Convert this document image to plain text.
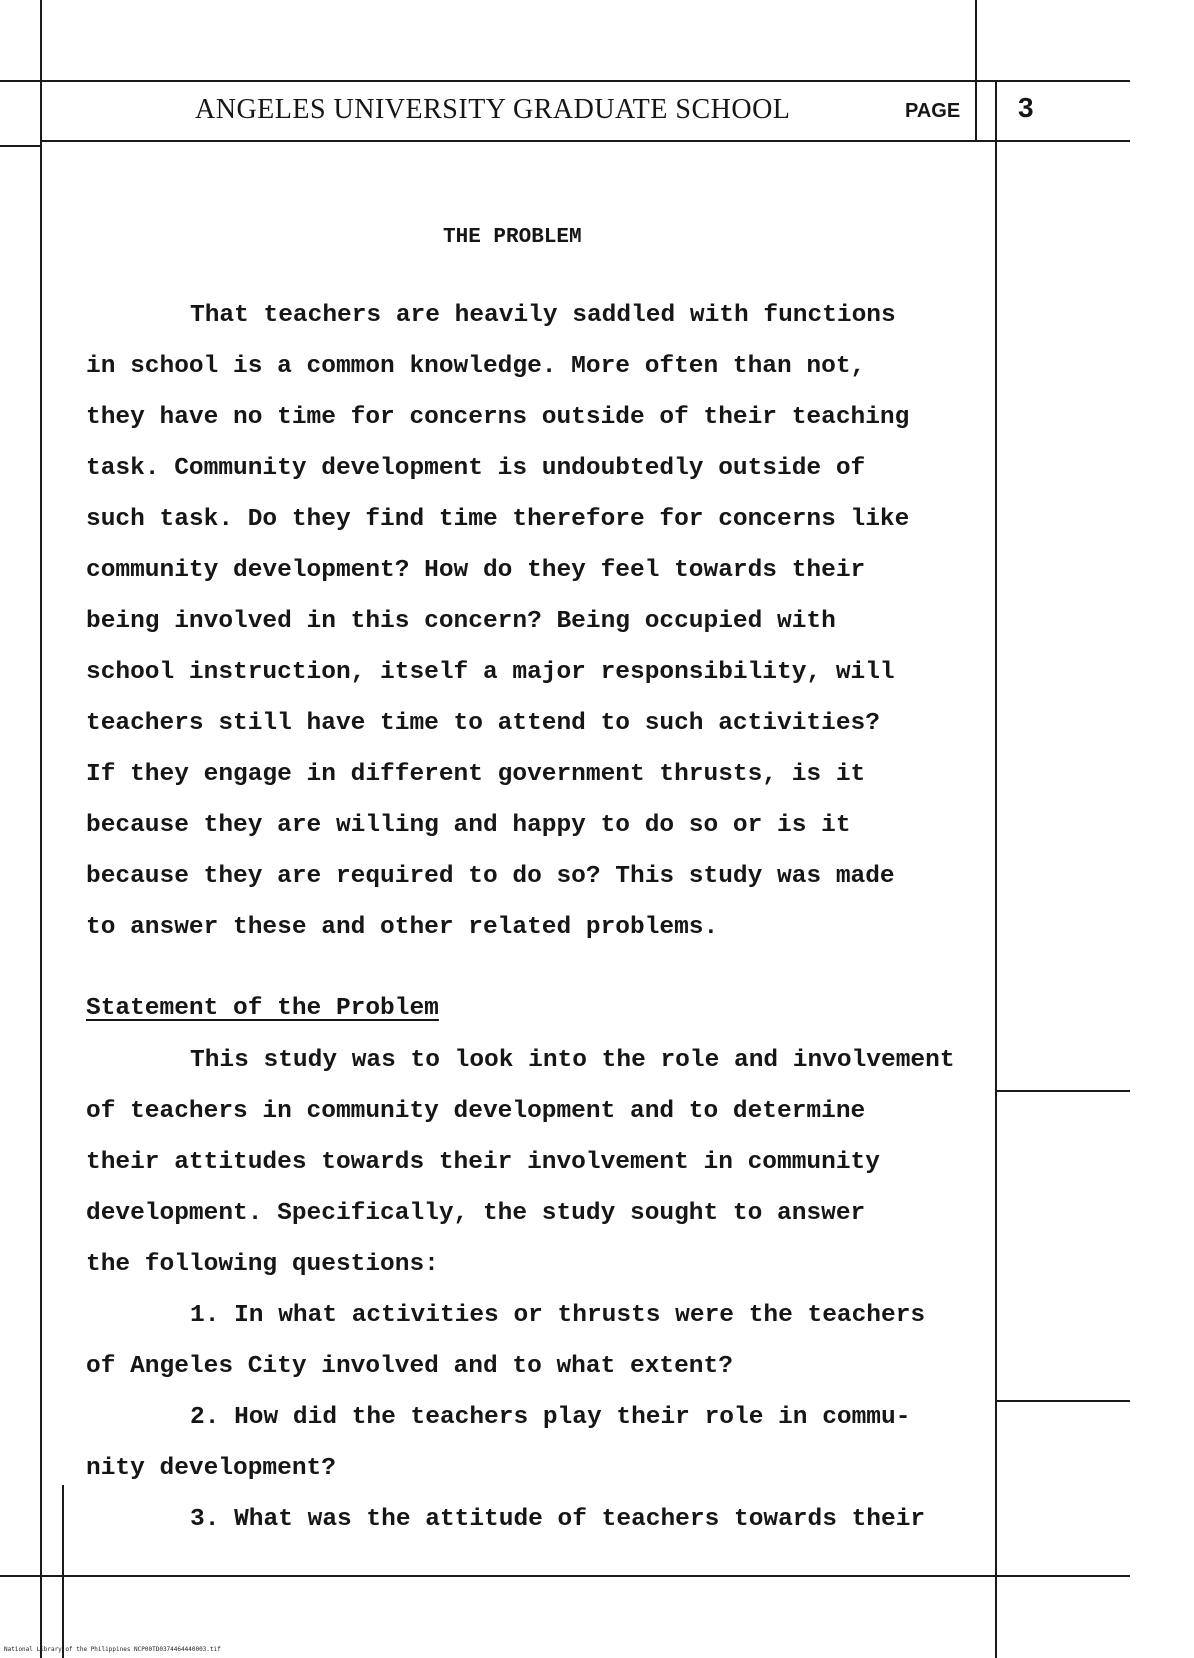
ANGELES UNIVERSITY GRADUATE SCHOOL	PAGE 3
THE PROBLEM
That teachers are heavily saddled with functions
in school is a common knowledge. More often than not,
they have no time for concerns outside of their teaching
task. Community development is undoubtedly outside of
such task. Do they find time therefore for concerns like
community development? How do they feel towards their
being involved in this concern? Being occupied with
school instruction, itself a major responsibility, will
teachers still have time to attend to such activities?
If they engage in different government thrusts, is it
because they are willing and happy to do so or is it
because they are required to do so? This study was made
to answer these and other related problems.
Statement of the Problem
This study was to look into the role and involvement
of teachers in community development and to determine
their attitudes towards their involvement in community
development. Specifically, the study sought to answer
the following questions:
1. In what activities or thrusts were the teachers
of Angeles City involved and to what extent?
2. How did the teachers play their role in commu-
nity development?
3. What was the attitude of teachers towards their
National Library of the Philippines NCP00TD0374464440003.tif
